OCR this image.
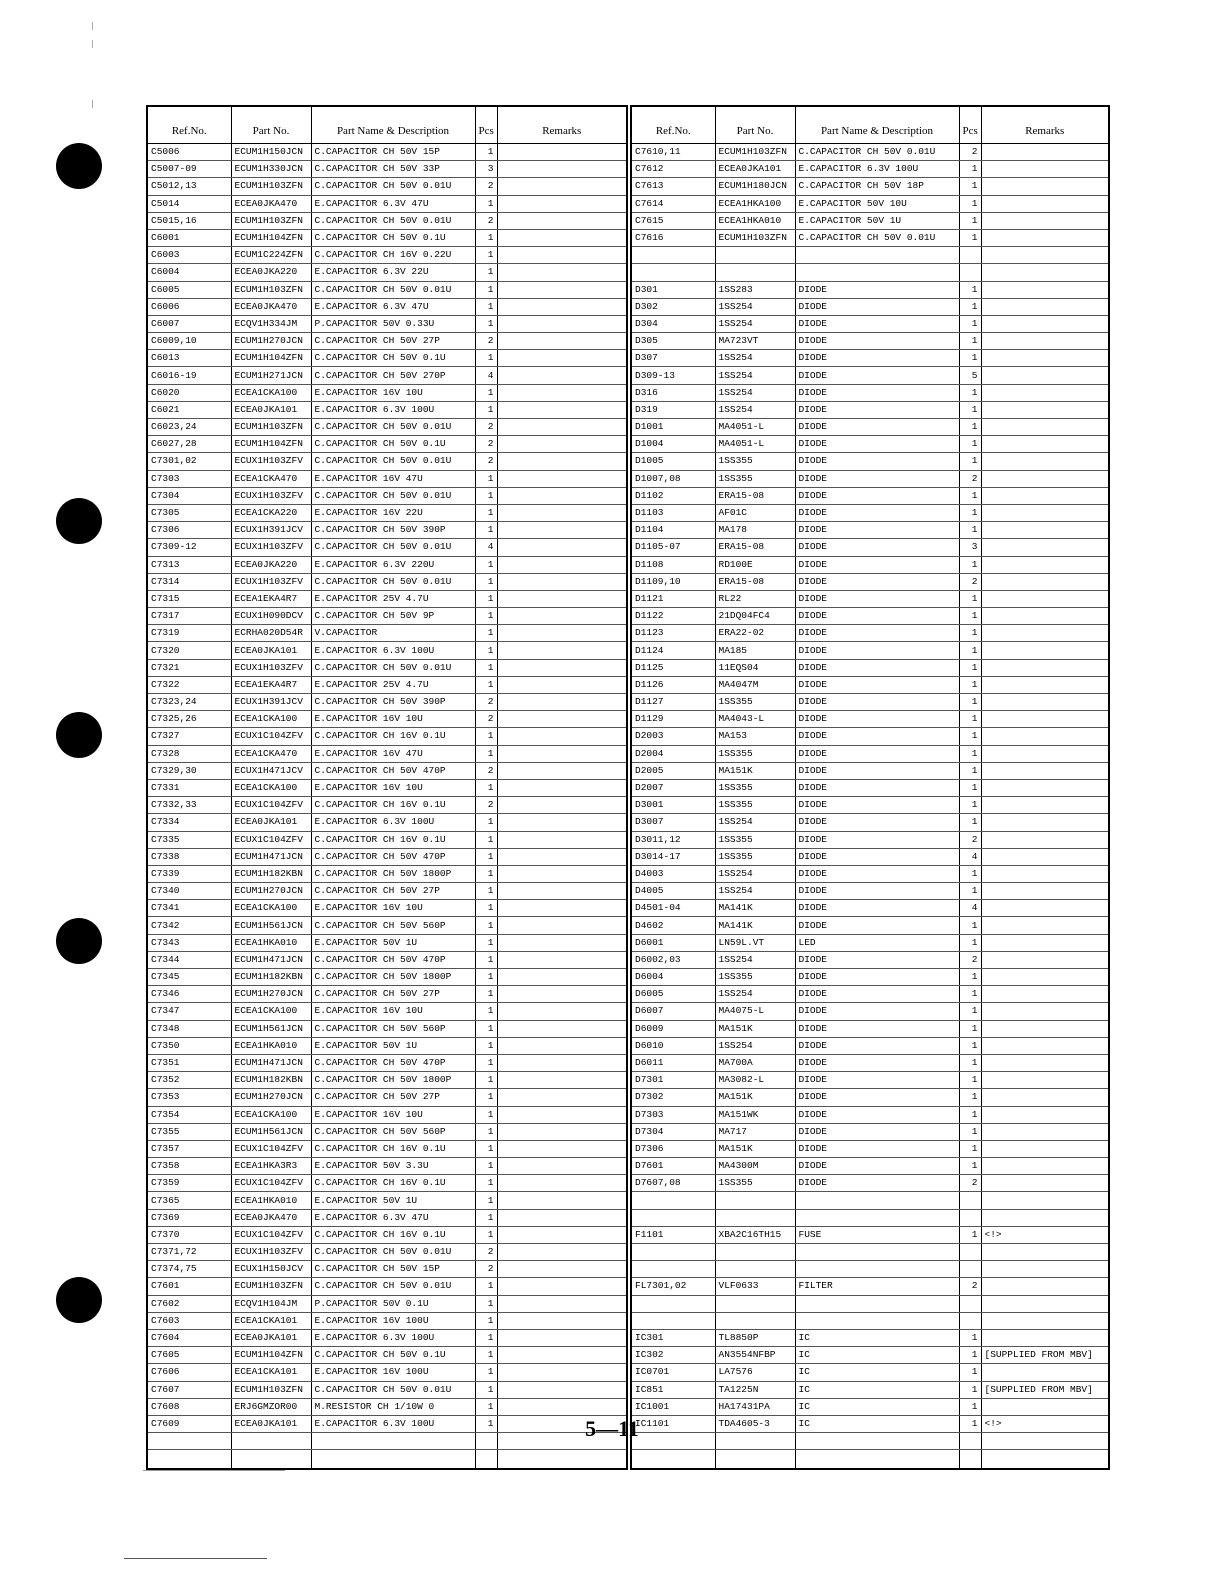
Ref.No.	Part No.	Part Name & Description	Pcs	Remarks
C5006	ECUM1H150JCN	C.CAPACITOR CH 50V 15P	1	
C5007-09	ECUM1H330JCN	C.CAPACITOR CH 50V 33P	3	
C5012,13	ECUM1H103ZFN	C.CAPACITOR CH 50V 0.01U	2	
C5014	ECEA0JKA470	E.CAPACITOR 6.3V 47U	1	
C5015,16	ECUM1H103ZFN	C.CAPACITOR CH 50V 0.01U	2	
C6001	ECUM1H104ZFN	C.CAPACITOR CH 50V 0.1U	1	
C6003	ECUM1C224ZFN	C.CAPACITOR CH 16V 0.22U	1	
C6004	ECEA0JKA220	E.CAPACITOR 6.3V 22U	1	
C6005	ECUM1H103ZFN	C.CAPACITOR CH 50V 0.01U	1	
C6006	ECEA0JKA470	E.CAPACITOR 6.3V 47U	1	
C6007	ECQV1H334JM	P.CAPACITOR 50V 0.33U	1	
C6009,10	ECUM1H270JCN	C.CAPACITOR CH 50V 27P	2	
C6013	ECUM1H104ZFN	C.CAPACITOR CH 50V 0.1U	1	
C6016-19	ECUM1H271JCN	C.CAPACITOR CH 50V 270P	4	
C6020	ECEA1CKA100	E.CAPACITOR 16V 10U	1	
C6021	ECEA0JKA101	E.CAPACITOR 6.3V 100U	1	
C6023,24	ECUM1H103ZFN	C.CAPACITOR CH 50V 0.01U	2	
C6027,28	ECUM1H104ZFN	C.CAPACITOR CH 50V 0.1U	2	
C7301,02	ECUX1H103ZFV	C.CAPACITOR CH 50V 0.01U	2	
C7303	ECEA1CKA470	E.CAPACITOR 16V 47U	1	
C7304	ECUX1H103ZFV	C.CAPACITOR CH 50V 0.01U	1	
C7305	ECEA1CKA220	E.CAPACITOR 16V 22U	1	
C7306	ECUX1H391JCV	C.CAPACITOR CH 50V 390P	1	
C7309-12	ECUX1H103ZFV	C.CAPACITOR CH 50V 0.01U	4	
C7313	ECEA0JKA220	E.CAPACITOR 6.3V 220U	1	
C7314	ECUX1H103ZFV	C.CAPACITOR CH 50V 0.01U	1	
C7315	ECEA1EKA4R7	E.CAPACITOR 25V 4.7U	1	
C7317	ECUX1H090DCV	C.CAPACITOR CH 50V 9P	1	
C7319	ECRHA020D54R	V.CAPACITOR	1	
C7320	ECEA0JKA101	E.CAPACITOR 6.3V 100U	1	
C7321	ECUX1H103ZFV	C.CAPACITOR CH 50V 0.01U	1	
C7322	ECEA1EKA4R7	E.CAPACITOR 25V 4.7U	1	
C7323,24	ECUX1H391JCV	C.CAPACITOR CH 50V 390P	2	
C7325,26	ECEA1CKA100	E.CAPACITOR 16V 10U	2	
C7327	ECUX1C104ZFV	C.CAPACITOR CH 16V 0.1U	1	
C7328	ECEA1CKA470	E.CAPACITOR 16V 47U	1	
C7329,30	ECUX1H471JCV	C.CAPACITOR CH 50V 470P	2	
C7331	ECEA1CKA100	E.CAPACITOR 16V 10U	1	
C7332,33	ECUX1C104ZFV	C.CAPACITOR CH 16V 0.1U	2	
C7334	ECEA0JKA101	E.CAPACITOR 6.3V 100U	1	
C7335	ECUX1C104ZFV	C.CAPACITOR CH 16V 0.1U	1	
C7338	ECUM1H471JCN	C.CAPACITOR CH 50V 470P	1	
C7339	ECUM1H182KBN	C.CAPACITOR CH 50V 1800P	1	
C7340	ECUM1H270JCN	C.CAPACITOR CH 50V 27P	1	
C7341	ECEA1CKA100	E.CAPACITOR 16V 10U	1	
C7342	ECUM1H561JCN	C.CAPACITOR CH 50V 560P	1	
C7343	ECEA1HKA010	E.CAPACITOR 50V 1U	1	
C7344	ECUM1H471JCN	C.CAPACITOR CH 50V 470P	1	
C7345	ECUM1H182KBN	C.CAPACITOR CH 50V 1800P	1	
C7346	ECUM1H270JCN	C.CAPACITOR CH 50V 27P	1	
C7347	ECEA1CKA100	E.CAPACITOR 16V 10U	1	
C7348	ECUM1H561JCN	C.CAPACITOR CH 50V 560P	1	
C7350	ECEA1HKA010	E.CAPACITOR 50V 1U	1	
C7351	ECUM1H471JCN	C.CAPACITOR CH 50V 470P	1	
C7352	ECUM1H182KBN	C.CAPACITOR CH 50V 1800P	1	
C7353	ECUM1H270JCN	C.CAPACITOR CH 50V 27P	1	
C7354	ECEA1CKA100	E.CAPACITOR 16V 10U	1	
C7355	ECUM1H561JCN	C.CAPACITOR CH 50V 560P	1	
C7357	ECUX1C104ZFV	C.CAPACITOR CH 16V 0.1U	1	
C7358	ECEA1HKA3R3	E.CAPACITOR 50V 3.3U	1	
C7359	ECUX1C104ZFV	C.CAPACITOR CH 16V 0.1U	1	
C7365	ECEA1HKA010	E.CAPACITOR 50V 1U	1	
C7369	ECEA0JKA470	E.CAPACITOR 6.3V 47U	1	
C7370	ECUX1C104ZFV	C.CAPACITOR CH 16V 0.1U	1	
C7371,72	ECUX1H103ZFV	C.CAPACITOR CH 50V 0.01U	2	
C7374,75	ECUX1H150JCV	C.CAPACITOR CH 50V 15P	2	
C7601	ECUM1H103ZFN	C.CAPACITOR CH 50V 0.01U	1	
C7602	ECQV1H104JM	P.CAPACITOR 50V 0.1U	1	
C7603	ECEA1CKA101	E.CAPACITOR 16V 100U	1	
C7604	ECEA0JKA101	E.CAPACITOR 6.3V 100U	1	
C7605	ECUM1H104ZFN	C.CAPACITOR CH 50V 0.1U	1	
C7606	ECEA1CKA101	E.CAPACITOR 16V 100U	1	
C7607	ECUM1H103ZFN	C.CAPACITOR CH 50V 0.01U	1	
C7608	ERJ6GMZOR00	M.RESISTOR CH 1/10W 0	1	
C7609	ECEA0JKA101	E.CAPACITOR 6.3V 100U	1	

Ref.No.	Part No.	Part Name & Description	Pcs	Remarks
C7610,11	ECUM1H103ZFN	C.CAPACITOR CH 50V 0.01U	2	
C7612	ECEA0JKA101	E.CAPACITOR 6.3V 100U	1	
C7613	ECUM1H180JCN	C.CAPACITOR CH 50V 18P	1	
C7614	ECEA1HKA100	E.CAPACITOR 50V 10U	1	
C7615	ECEA1HKA010	E.CAPACITOR 50V 1U	1	
C7616	ECUM1H103ZFN	C.CAPACITOR CH 50V 0.01U	1	

D301	1SS283	DIODE	1	
D302	1SS254	DIODE	1	
D304	1SS254	DIODE	1	
D305	MA723VT	DIODE	1	
D307	1SS254	DIODE	1	
D309-13	1SS254	DIODE	5	
D316	1SS254	DIODE	1	
D319	1SS254	DIODE	1	
D1001	MA4051-L	DIODE	1	
D1004	MA4051-L	DIODE	1	
D1005	1SS355	DIODE	1	
D1007,08	1SS355	DIODE	2	
D1102	ERA15-08	DIODE	1	
D1103	AF01C	DIODE	1	
D1104	MA178	DIODE	1	
D1105-07	ERA15-08	DIODE	3	
D1108	RD100E	DIODE	1	
D1109,10	ERA15-08	DIODE	2	
D1121	RL22	DIODE	1	
D1122	21DQ04FC4	DIODE	1	
D1123	ERA22-02	DIODE	1	
D1124	MA185	DIODE	1	
D1125	11EQS04	DIODE	1	
D1126	MA4047M	DIODE	1	
D1127	1SS355	DIODE	1	
D1129	MA4043-L	DIODE	1	
D2003	MA153	DIODE	1	
D2004	1SS355	DIODE	1	
D2005	MA151K	DIODE	1	
D2007	1SS355	DIODE	1	
D3001	1SS355	DIODE	1	
D3007	1SS254	DIODE	1	
D3011,12	1SS355	DIODE	2	
D3014-17	1SS355	DIODE	4	
D4003	1SS254	DIODE	1	
D4005	1SS254	DIODE	1	
D4501-04	MA141K	DIODE	4	
D4602	MA141K	DIODE	1	
D6001	LN59L.VT	LED	1	
D6002,03	1SS254	DIODE	2	
D6004	1SS355	DIODE	1	
D6005	1SS254	DIODE	1	
D6007	MA4075-L	DIODE	1	
D6009	MA151K	DIODE	1	
D6010	1SS254	DIODE	1	
D6011	MA700A	DIODE	1	
D7301	MA3082-L	DIODE	1	
D7302	MA151K	DIODE	1	
D7303	MA151WK	DIODE	1	
D7304	MA717	DIODE	1	
D7306	MA151K	DIODE	1	
D7601	MA4300M	DIODE	1	
D7607,08	1SS355	DIODE	2	

F1101	XBA2C16TH15	FUSE	1	<!>

FL7301,02	VLF0633	FILTER	2	

IC301	TL8850P	IC	1	
IC302	AN3554NFBP	IC	1	[SUPPLIED FROM MBV]
IC0701	LA7576	IC	1	
IC851	TA1225N	IC	1	[SUPPLIED FROM MBV]
IC1001	HA17431PA	IC	1	
IC1101	TDA4605-3	IC	1	<!>

5—11
